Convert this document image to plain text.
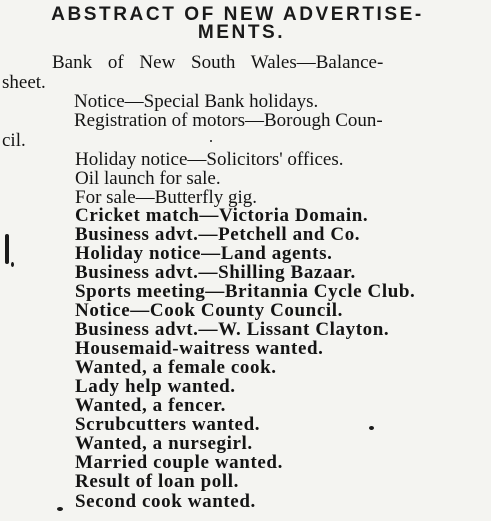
ABSTRACT OF NEW ADVERTISE-
MENTS.
Bank of New South Wales—Balance-
sheet.
Notice—Special Bank holidays.
Registration of motors—Borough Coun-
cil.
Holiday notice—Solicitors' offices.
Oil launch for sale.
For sale—Butterfly gig.
Cricket match—Victoria Domain.
Business advt.—Petchell and Co.
Holiday notice—Land agents.
Business advt.—Shilling Bazaar.
Sports meeting—Britannia Cycle Club.
Notice—Cook County Council.
Business advt.—W. Lissant Clayton.
Housemaid-waitress wanted.
Wanted, a female cook.
Lady help wanted.
Wanted, a fencer.
Scrubcutters wanted.
Wanted, a nursegirl.
Married couple wanted.
Result of loan poll.
Second cook wanted.
